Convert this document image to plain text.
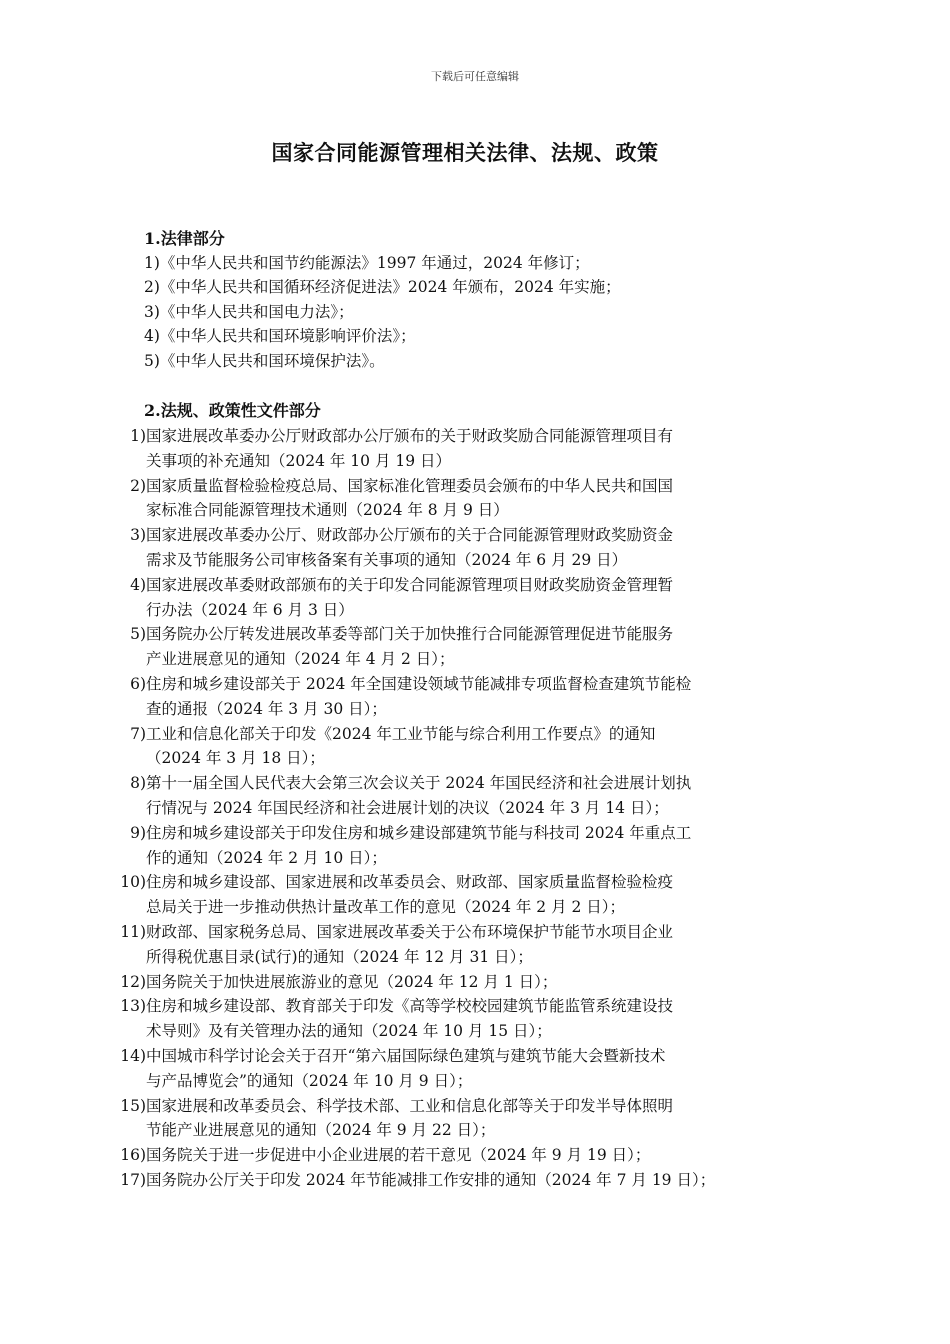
下载后可任意编辑
国家合同能源管理相关法律、法规、政策
1.法律部分
1)《中华人民共和国节约能源法》1997 年通过，2024 年修订；
2)《中华人民共和国循环经济促进法》2024 年颁布，2024 年实施；
3)《中华人民共和国电力法》；
4)《中华人民共和国环境影响评价法》；
5)《中华人民共和国环境保护法》。
2.法规、政策性文件部分
1) 国家进展改革委办公厅财政部办公厅颁布的关于财政奖励合同能源管理项目有
关事项的补充通知（2024 年 10 月 19 日）
2) 国家质量监督检验检疫总局、国家标准化管理委员会颁布的中华人民共和国国
家标准合同能源管理技术通则（2024 年 8 月 9 日）
3) 国家进展改革委办公厅、财政部办公厅颁布的关于合同能源管理财政奖励资金
需求及节能服务公司审核备案有关事项的通知（2024 年 6 月 29 日）
4) 国家进展改革委财政部颁布的关于印发合同能源管理项目财政奖励资金管理暂
行办法（2024 年 6 月 3 日）
5) 国务院办公厅转发进展改革委等部门关于加快推行合同能源管理促进节能服务
产业进展意见的通知（2024 年 4 月 2 日）；
6) 住房和城乡建设部关于 2024 年全国建设领域节能减排专项监督检查建筑节能检
查的通报（2024 年 3 月 30 日）；
7) 工业和信息化部关于印发《2024 年工业节能与综合利用工作要点》的通知
（2024 年 3 月 18 日）；
8) 第十一届全国人民代表大会第三次会议关于 2024 年国民经济和社会进展计划执
行情况与 2024 年国民经济和社会进展计划的决议（2024 年 3 月 14 日）；
9) 住房和城乡建设部关于印发住房和城乡建设部建筑节能与科技司 2024 年重点工
作的通知（2024 年 2 月 10 日）；
10) 住房和城乡建设部、国家进展和改革委员会、财政部、国家质量监督检验检疫
总局关于进一步推动供热计量改革工作的意见（2024 年 2 月 2 日）；
11) 财政部、国家税务总局、国家进展改革委关于公布环境保护节能节水项目企业
所得税优惠目录(试行)的通知（2024 年 12 月 31 日）；
12) 国务院关于加快进展旅游业的意见（2024 年 12 月 1 日）；
13) 住房和城乡建设部、教育部关于印发《高等学校校园建筑节能监管系统建设技
术导则》及有关管理办法的通知（2024 年 10 月 15 日）；
14) 中国城市科学讨论会关于召开“第六届国际绿色建筑与建筑节能大会暨新技术
与产品博览会”的通知（2024 年 10 月 9 日）；
15) 国家进展和改革委员会、科学技术部、工业和信息化部等关于印发半导体照明
节能产业进展意见的通知（2024 年 9 月 22 日）；
16) 国务院关于进一步促进中小企业进展的若干意见（2024 年 9 月 19 日）；
17) 国务院办公厅关于印发 2024 年节能减排工作安排的通知（2024 年 7 月 19 日）；
